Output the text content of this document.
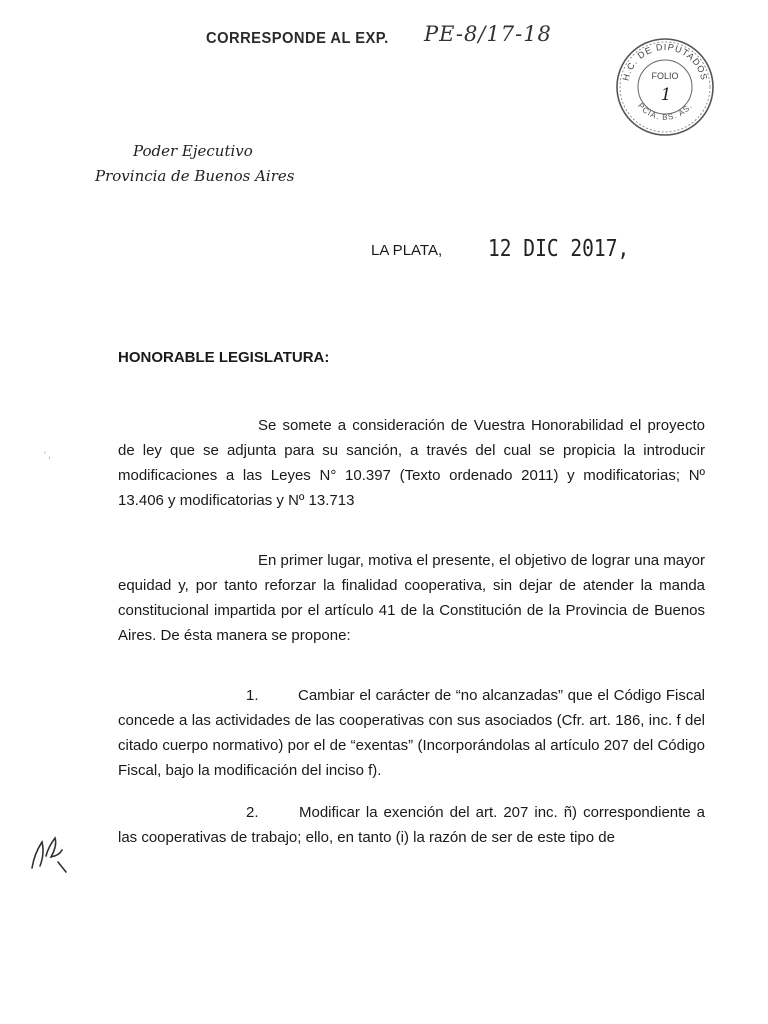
CORRESPONDE AL EXP. PE-8/17-18
H.C. DE DIPUTADOS
PCIA. BS. AS.
FOLIO
1
Poder Ejecutivo
Provincia de Buenos Aires
LA PLATA, 12 DIC 2017,
HONORABLE LEGISLATURA:
ʻ ‚
Se somete a consideración de Vuestra Honorabilidad el proyecto de ley que se adjunta para su sanción, a través del cual se propicia la introducir modificaciones a las Leyes N° 10.397 (Texto ordenado 2011) y modificatorias; Nº 13.406 y modificatorias y Nº 13.713
En primer lugar, motiva el presente, el objetivo de lograr una mayor equidad y, por tanto reforzar la finalidad cooperativa, sin dejar de atender la manda constitucional impartida por el artículo 41 de la Constitución de la Provincia de Buenos Aires. De ésta manera se propone:
1.	Cambiar el carácter de “no alcanzadas” que el Código Fiscal concede a las actividades de las cooperativas con sus asociados (Cfr. art. 186, inc. f del citado cuerpo normativo) por el de “exentas” (Incorporándolas al artículo 207 del Código Fiscal, bajo la modificación del inciso f).
2.	Modificar la exención del art. 207 inc. ñ) correspondiente a las cooperativas de trabajo; ello, en tanto (i) la razón de ser de este tipo de
